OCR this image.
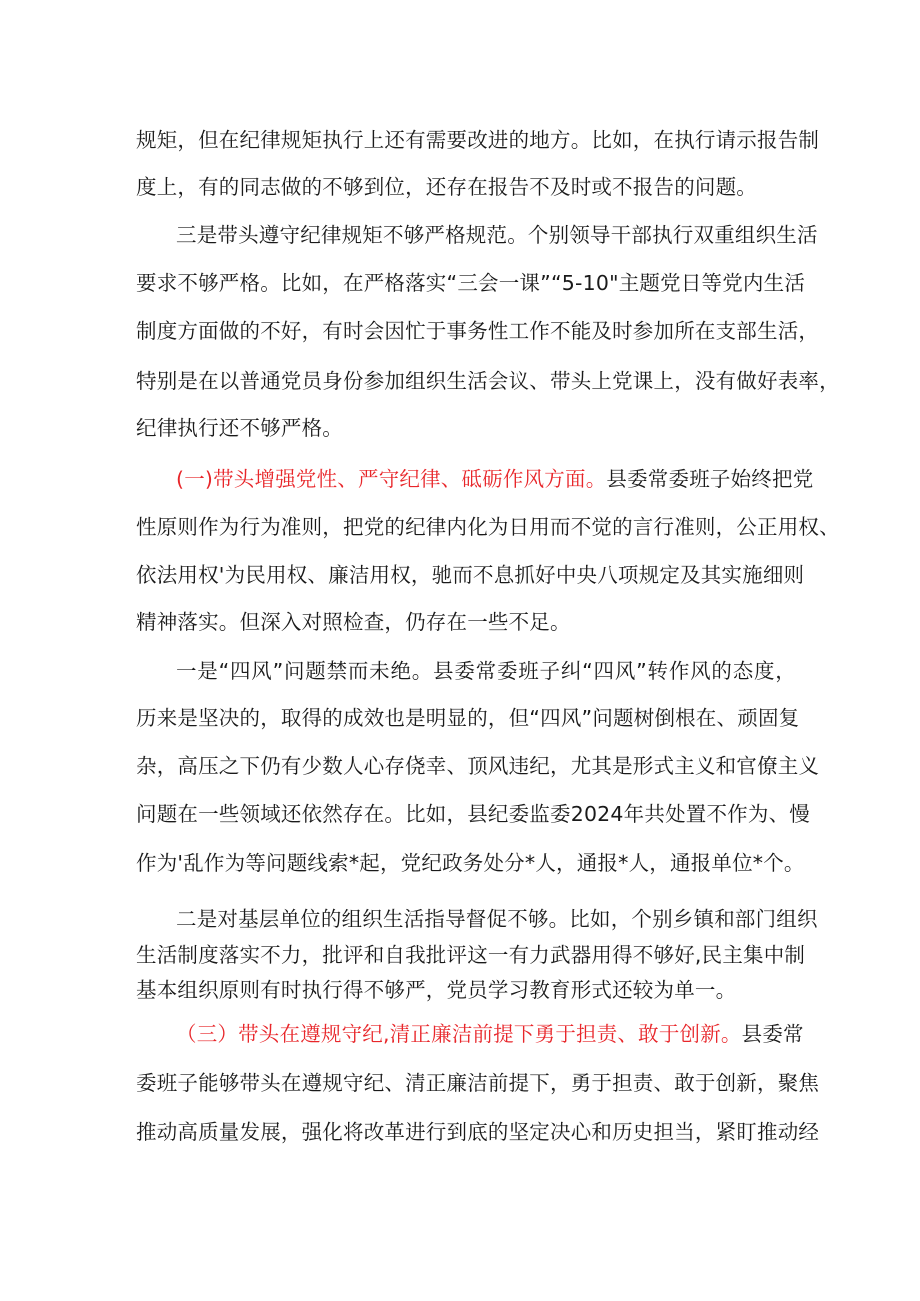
规矩，但在纪律规矩执行上还有需要改进的地方。比如，在执行请示报告制
度上，有的同志做的不够到位，还存在报告不及时或不报告的问题。
三是带头遵守纪律规矩不够严格规范。个别领导干部执行双重组织生活
要求不够严格。比如，在严格落实“三会一课”“5-10"主题党日等党内生活
制度方面做的不好，有时会因忙于事务性工作不能及时参加所在支部生活，
特别是在以普通党员身份参加组织生活会议、带头上党课上，没有做好表率，
纪律执行还不够严格。
(一)带头增强党性、严守纪律、砥砺作风方面。县委常委班子始终把党
性原则作为行为准则，把党的纪律内化为日用而不觉的言行准则，公正用权、
依法用权'为民用权、廉洁用权，驰而不息抓好中央八项规定及其实施细则
精神落实。但深入对照检查，仍存在一些不足。
一是“四风”问题禁而未绝。县委常委班子纠“四风”转作风的态度，
历来是坚决的，取得的成效也是明显的，但“四风”问题树倒根在、顽固复
杂，高压之下仍有少数人心存侥幸、顶风违纪，尤其是形式主义和官僚主义
问题在一些领域还依然存在。比如，县纪委监委2024年共处置不作为、慢
作为'乱作为等问题线索*起，党纪政务处分*人，通报*人，通报单位*个。
二是对基层单位的组织生活指导督促不够。比如，个别乡镇和部门组织
生活制度落实不力，批评和自我批评这一有力武器用得不够好,民主集中制
基本组织原则有时执行得不够严，党员学习教育形式还较为单一。
（三）带头在遵规守纪,清正廉洁前提下勇于担责、敢于创新。县委常
委班子能够带头在遵规守纪、清正廉洁前提下，勇于担责、敢于创新，聚焦
推动高质量发展，强化将改革进行到底的坚定决心和历史担当，紧盯推动经
